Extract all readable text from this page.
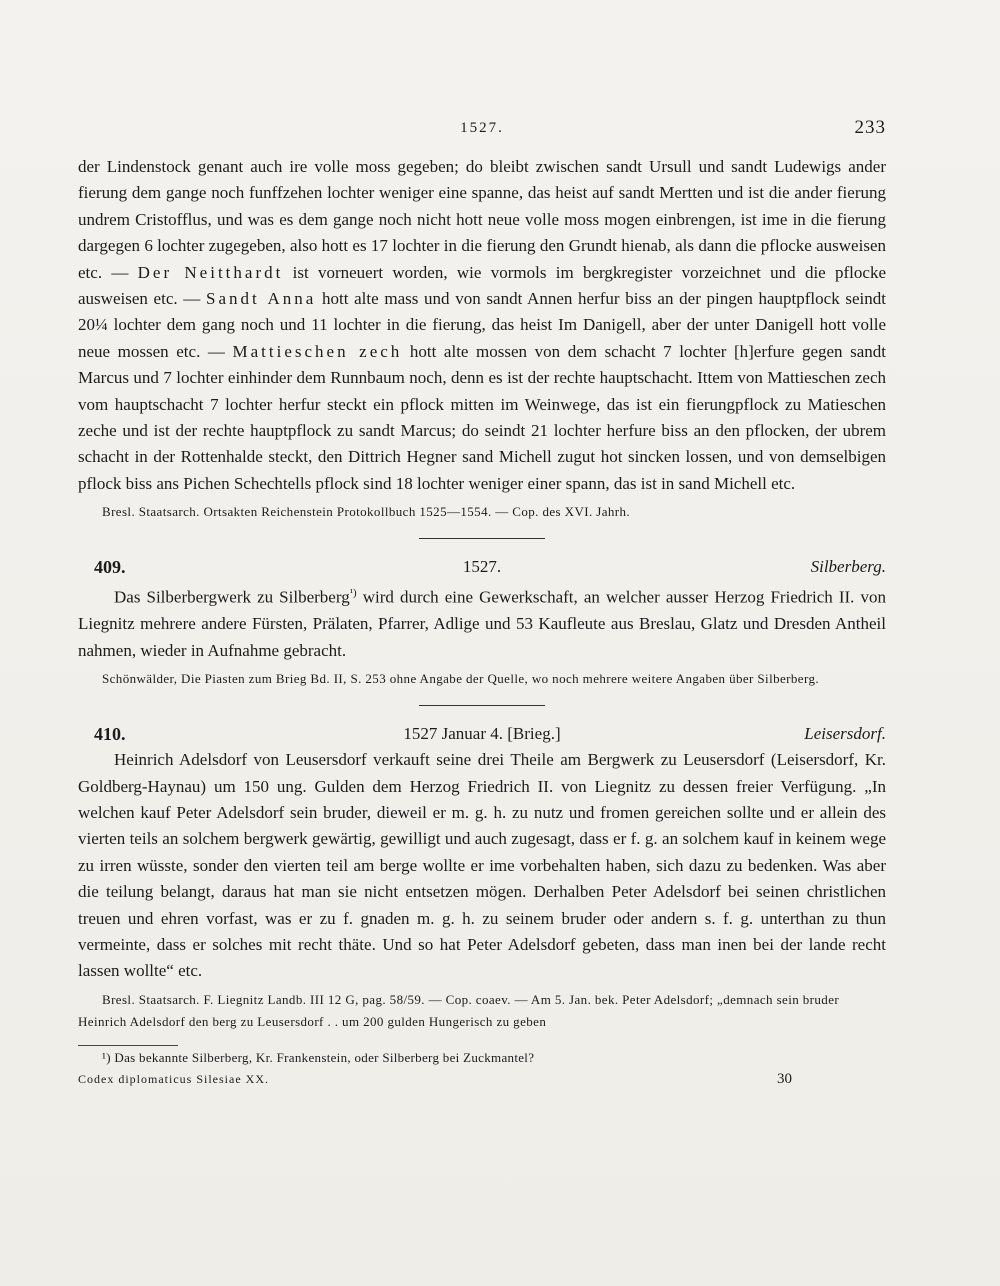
1527.	233

der Lindenstock genant auch ire volle moss gegeben; do bleibt zwischen sandt Ursull und sandt Ludewigs ander fierung dem gange noch funffzehen lochter weniger eine spanne, das heist auf sandt Mertten und ist die ander fierung undrem Cristofflus, und was es dem gange noch nicht hott neue volle moss mogen einbrengen, ist ime in die fierung dargegen 6 lochter zugegeben, also hott es 17 lochter in die fierung den Grundt hienab, als dann die pflocke ausweisen etc. — Der Neitthardt ist vorneuert worden, wie vormols im bergkregister vorzeichnet und die pflocke ausweisen etc. — Sandt Anna hott alte mass und von sandt Annen herfur biss an der pingen hauptpflock seindt 20¼ lochter dem gang noch und 11 lochter in die fierung, das heist Im Danigell, aber der unter Danigell hott volle neue mossen etc. — Mattieschen zech hott alte mossen von dem schacht 7 lochter [h]erfure gegen sandt Marcus und 7 lochter einhinder dem Runnbaum noch, denn es ist der rechte hauptschacht. Ittem von Mattieschen zech vom hauptschacht 7 lochter herfur steckt ein pflock mitten im Weinwege, das ist ein fierungpflock zu Matieschen zeche und ist der rechte hauptpflock zu sandt Marcus; do seindt 21 lochter herfure biss an den pflocken, der ubrem schacht in der Rottenhalde steckt, den Dittrich Hegner sand Michell zugut hot sincken lossen, und von demselbigen pflock biss ans Pichen Schechtells pflock sind 18 lochter weniger einer spann, das ist in sand Michell etc.

Bresl. Staatsarch. Ortsakten Reichenstein Protokollbuch 1525—1554. — Cop. des XVI. Jahrh.

409.	1527.	Silberberg.

Das Silberbergwerk zu Silberberg$^{^1)}$ wird durch eine Gewerkschaft, an welcher ausser Herzog Friedrich II. von Liegnitz mehrere andere Fürsten, Prälaten, Pfarrer, Adlige und 53 Kaufleute aus Breslau, Glatz und Dresden Antheil nahmen, wieder in Aufnahme gebracht.

Schönwälder, Die Piasten zum Brieg Bd. II, S. 253 ohne Angabe der Quelle, wo noch mehrere weitere Angaben über Silberberg.

410.	1527 Januar 4. [Brieg.]	Leisersdorf.

Heinrich Adelsdorf von Leusersdorf verkauft seine drei Theile am Bergwerk zu Leusersdorf (Leisersdorf, Kr. Goldberg-Haynau) um 150 ung. Gulden dem Herzog Friedrich II. von Liegnitz zu dessen freier Verfügung. „In welchen kauf Peter Adelsdorf sein bruder, dieweil er m. g. h. zu nutz und fromen gereichen sollte und er allein des vierten teils an solchem bergwerk gewärtig, gewilligt und auch zugesagt, dass er f. g. an solchem kauf in keinem wege zu irren wüsste, sonder den vierten teil am berge wollte er ime vorbehalten haben, sich dazu zu bedenken. Was aber die teilung belangt, daraus hat man sie nicht entsetzen mögen. Derhalben Peter Adelsdorf bei seinen christlichen treuen und ehren vorfast, was er zu f. gnaden m. g. h. zu seinem bruder oder andern s. f. g. unterthan zu thun vermeinte, dass er solches mit recht thäte. Und so hat Peter Adelsdorf gebeten, dass man inen bei der lande recht lassen wollte“ etc.

Bresl. Staatsarch. F. Liegnitz Landb. III 12 G, pag. 58/59. — Cop. coaev. — Am 5. Jan. bek. Peter Adelsdorf; „demnach sein bruder Heinrich Adelsdorf den berg zu Leusersdorf . . um 200 gulden Hungerisch zu geben

¹) Das bekannte Silberberg, Kr. Frankenstein, oder Silberberg bei Zuckmantel?

Codex diplomaticus Silesiae XX.	30
